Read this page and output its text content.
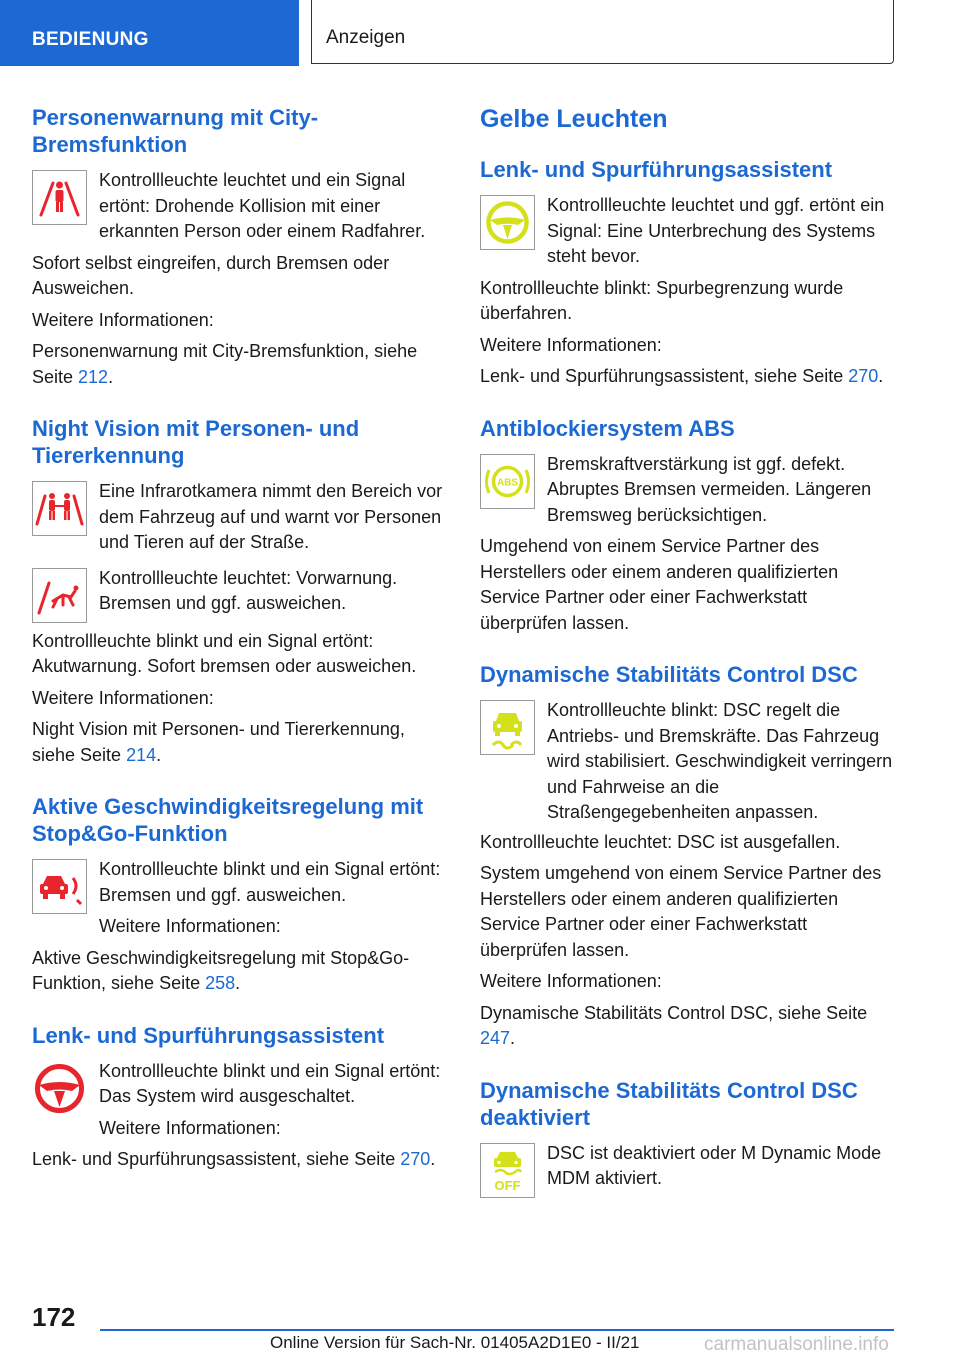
BEDIENUNG	Anzeigen
Personenwarnung mit City-Bremsfunktion

Kontrollleuchte leuchtet und ein Signal ertönt: Drohende Kollision mit einer erkannten Person oder einem Radfahrer.

Sofort selbst eingreifen, durch Bremsen oder Ausweichen.

Weitere Informationen:

Personenwarnung mit City-Bremsfunktion, siehe Seite 212.

Night Vision mit Personen- und Tiererkennung

Eine Infrarotkamera nimmt den Bereich vor dem Fahrzeug auf und warnt vor Personen und Tieren auf der Straße.

Kontrollleuchte leuchtet: Vorwarnung. Bremsen und ggf. ausweichen.

Kontrollleuchte blinkt und ein Signal ertönt: Akutwarnung. Sofort bremsen oder ausweichen.

Weitere Informationen:

Night Vision mit Personen- und Tiererkennung, siehe Seite 214.

Aktive Geschwindigkeitsregelung mit Stop&Go-Funktion

Kontrollleuchte blinkt und ein Signal ertönt: Bremsen und ggf. ausweichen.

Weitere Informationen:

Aktive Geschwindigkeitsregelung mit Stop&Go-Funktion, siehe Seite 258.

Lenk- und Spurführungsassistent

Kontrollleuchte blinkt und ein Signal ertönt: Das System wird ausgeschaltet.

Weitere Informationen:

Lenk- und Spurführungsassistent, siehe Seite 270.

Gelbe Leuchten
Lenk- und Spurführungsassistent

Kontrollleuchte leuchtet und ggf. ertönt ein Signal: Eine Unterbrechung des Systems steht bevor.

Kontrollleuchte blinkt: Spurbegrenzung wurde überfahren.

Weitere Informationen:

Lenk- und Spurführungsassistent, siehe Seite 270.

Antiblockiersystem ABS
ABS

Bremskraftverstärkung ist ggf. defekt. Abruptes Bremsen vermeiden. Längeren Bremsweg berücksichtigen.

Umgehend von einem Service Partner des Herstellers oder einem anderen qualifizierten Service Partner oder einer Fachwerkstatt überprüfen lassen.

Dynamische Stabilitäts Control DSC

Kontrollleuchte blinkt: DSC regelt die Antriebs- und Bremskräfte. Das Fahrzeug wird stabilisiert. Geschwindigkeit verringern und Fahrweise an die Straßengegebenheiten anpassen.

Kontrollleuchte leuchtet: DSC ist ausgefallen.

System umgehend von einem Service Partner des Herstellers oder einem anderen qualifizierten Service Partner oder einer Fachwerkstatt überprüfen lassen.

Weitere Informationen:

Dynamische Stabilitäts Control DSC, siehe Seite 247.

Dynamische Stabilitäts Control DSC deaktiviert
OFF

DSC ist deaktiviert oder M Dynamic Mode MDM aktiviert.

172
Online Version für Sach-Nr. 01405A2D1E0 - II/21	carmanualsonline.info
